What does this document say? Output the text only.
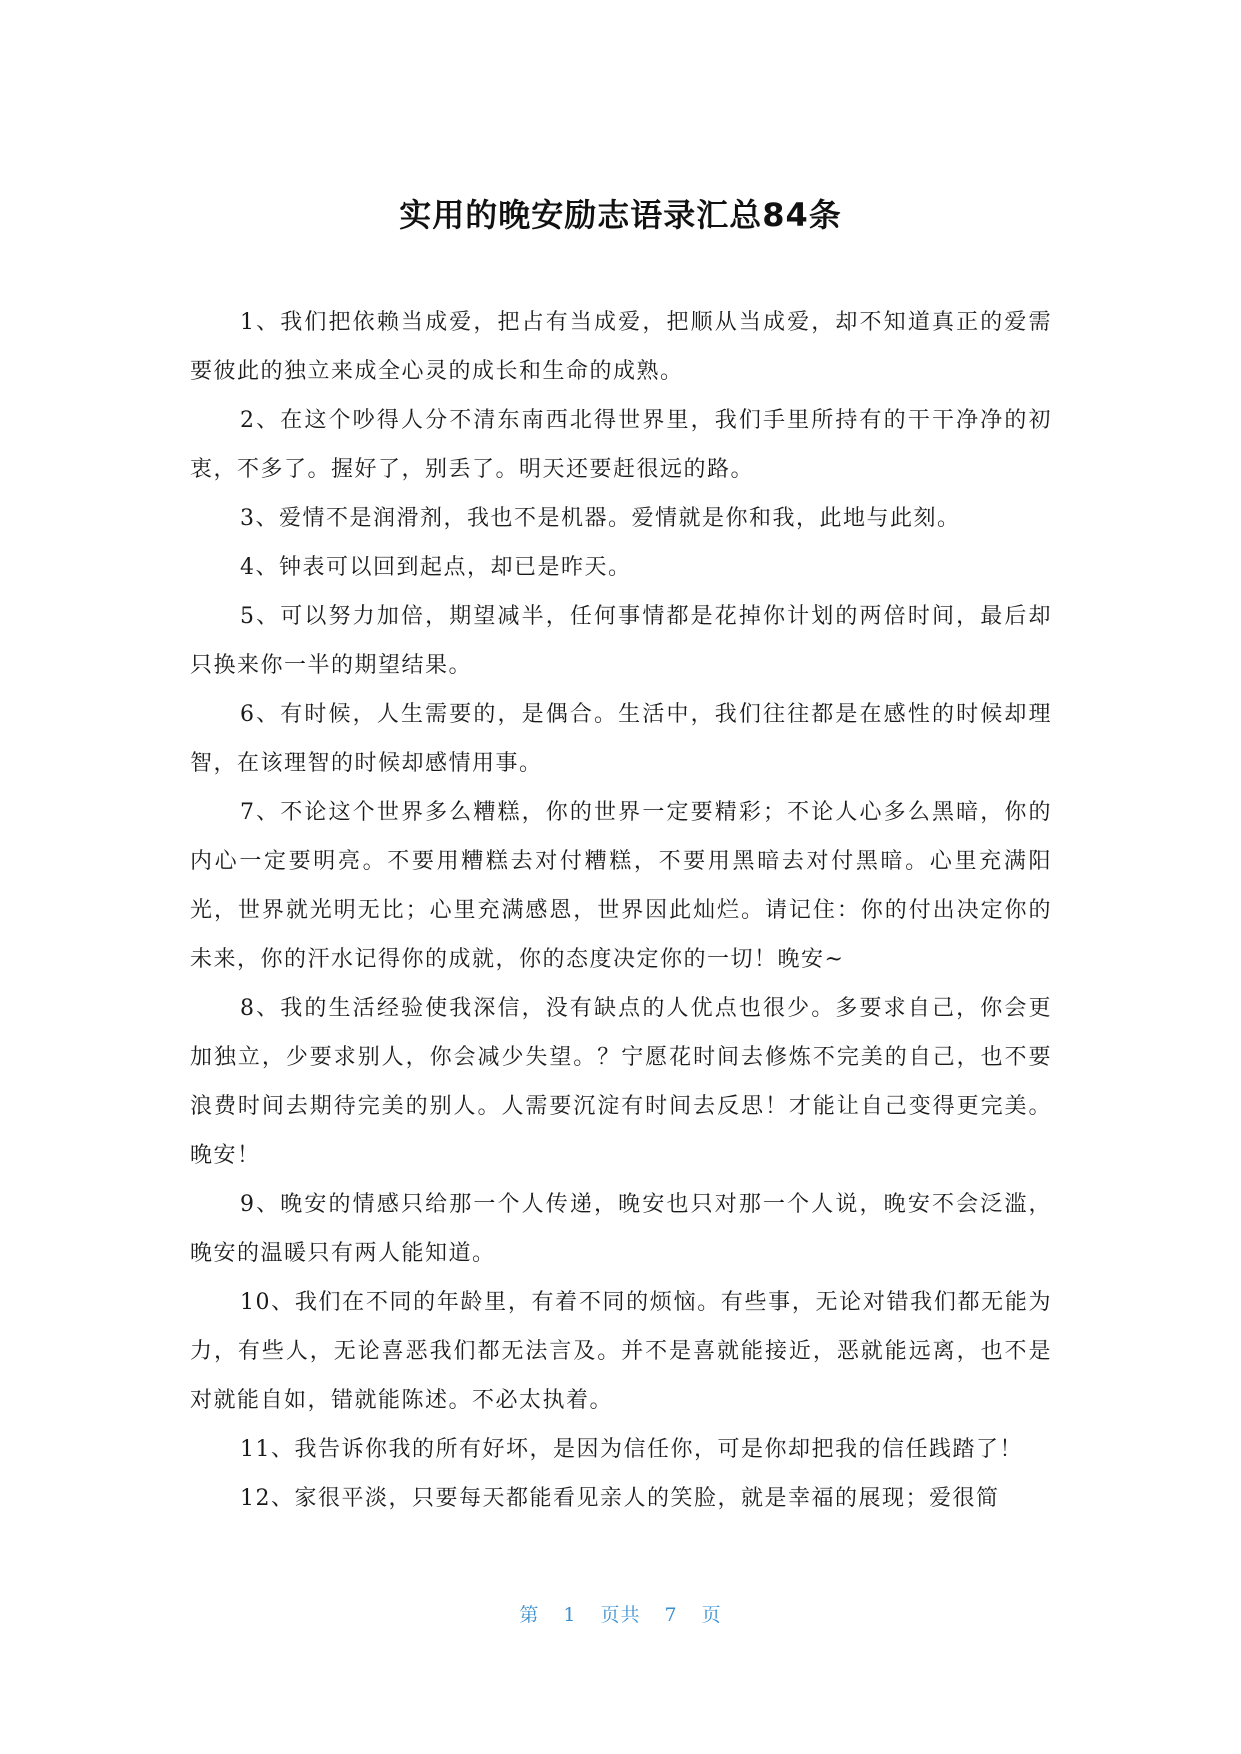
实用的晚安励志语录汇总84条

1、我们把依赖当成爱，把占有当成爱，把顺从当成爱，却不知道真正的爱需要彼此的独立来成全心灵的成长和生命的成熟。

2、在这个吵得人分不清东南西北得世界里，我们手里所持有的干干净净的初衷，不多了。握好了，别丢了。明天还要赶很远的路。

3、爱情不是润滑剂，我也不是机器。爱情就是你和我，此地与此刻。

4、钟表可以回到起点，却已是昨天。

5、可以努力加倍，期望减半，任何事情都是花掉你计划的两倍时间，最后却只换来你一半的期望结果。

6、有时候，人生需要的，是偶合。生活中，我们往往都是在感性的时候却理智，在该理智的时候却感情用事。

7、不论这个世界多么糟糕，你的世界一定要精彩；不论人心多么黑暗，你的内心一定要明亮。不要用糟糕去对付糟糕，不要用黑暗去对付黑暗。心里充满阳光，世界就光明无比；心里充满感恩，世界因此灿烂。请记住：你的付出决定你的未来，你的汗水记得你的成就，你的态度决定你的一切！晚安~

8、我的生活经验使我深信，没有缺点的人优点也很少。多要求自己，你会更加独立，少要求别人，你会减少失望。？宁愿花时间去修炼不完美的自己，也不要浪费时间去期待完美的别人。人需要沉淀有时间去反思！才能让自己变得更完美。晚安！

9、晚安的情感只给那一个人传递，晚安也只对那一个人说，晚安不会泛滥，晚安的温暖只有两人能知道。

10、我们在不同的年龄里，有着不同的烦恼。有些事，无论对错我们都无能为力，有些人，无论喜恶我们都无法言及。并不是喜就能接近，恶就能远离，也不是对就能自如，错就能陈述。不必太执着。

11、我告诉你我的所有好坏，是因为信任你，可是你却把我的信任践踏了！

12、家很平淡，只要每天都能看见亲人的笑脸，就是幸福的展现；爱很简

第 1 页共 7 页
